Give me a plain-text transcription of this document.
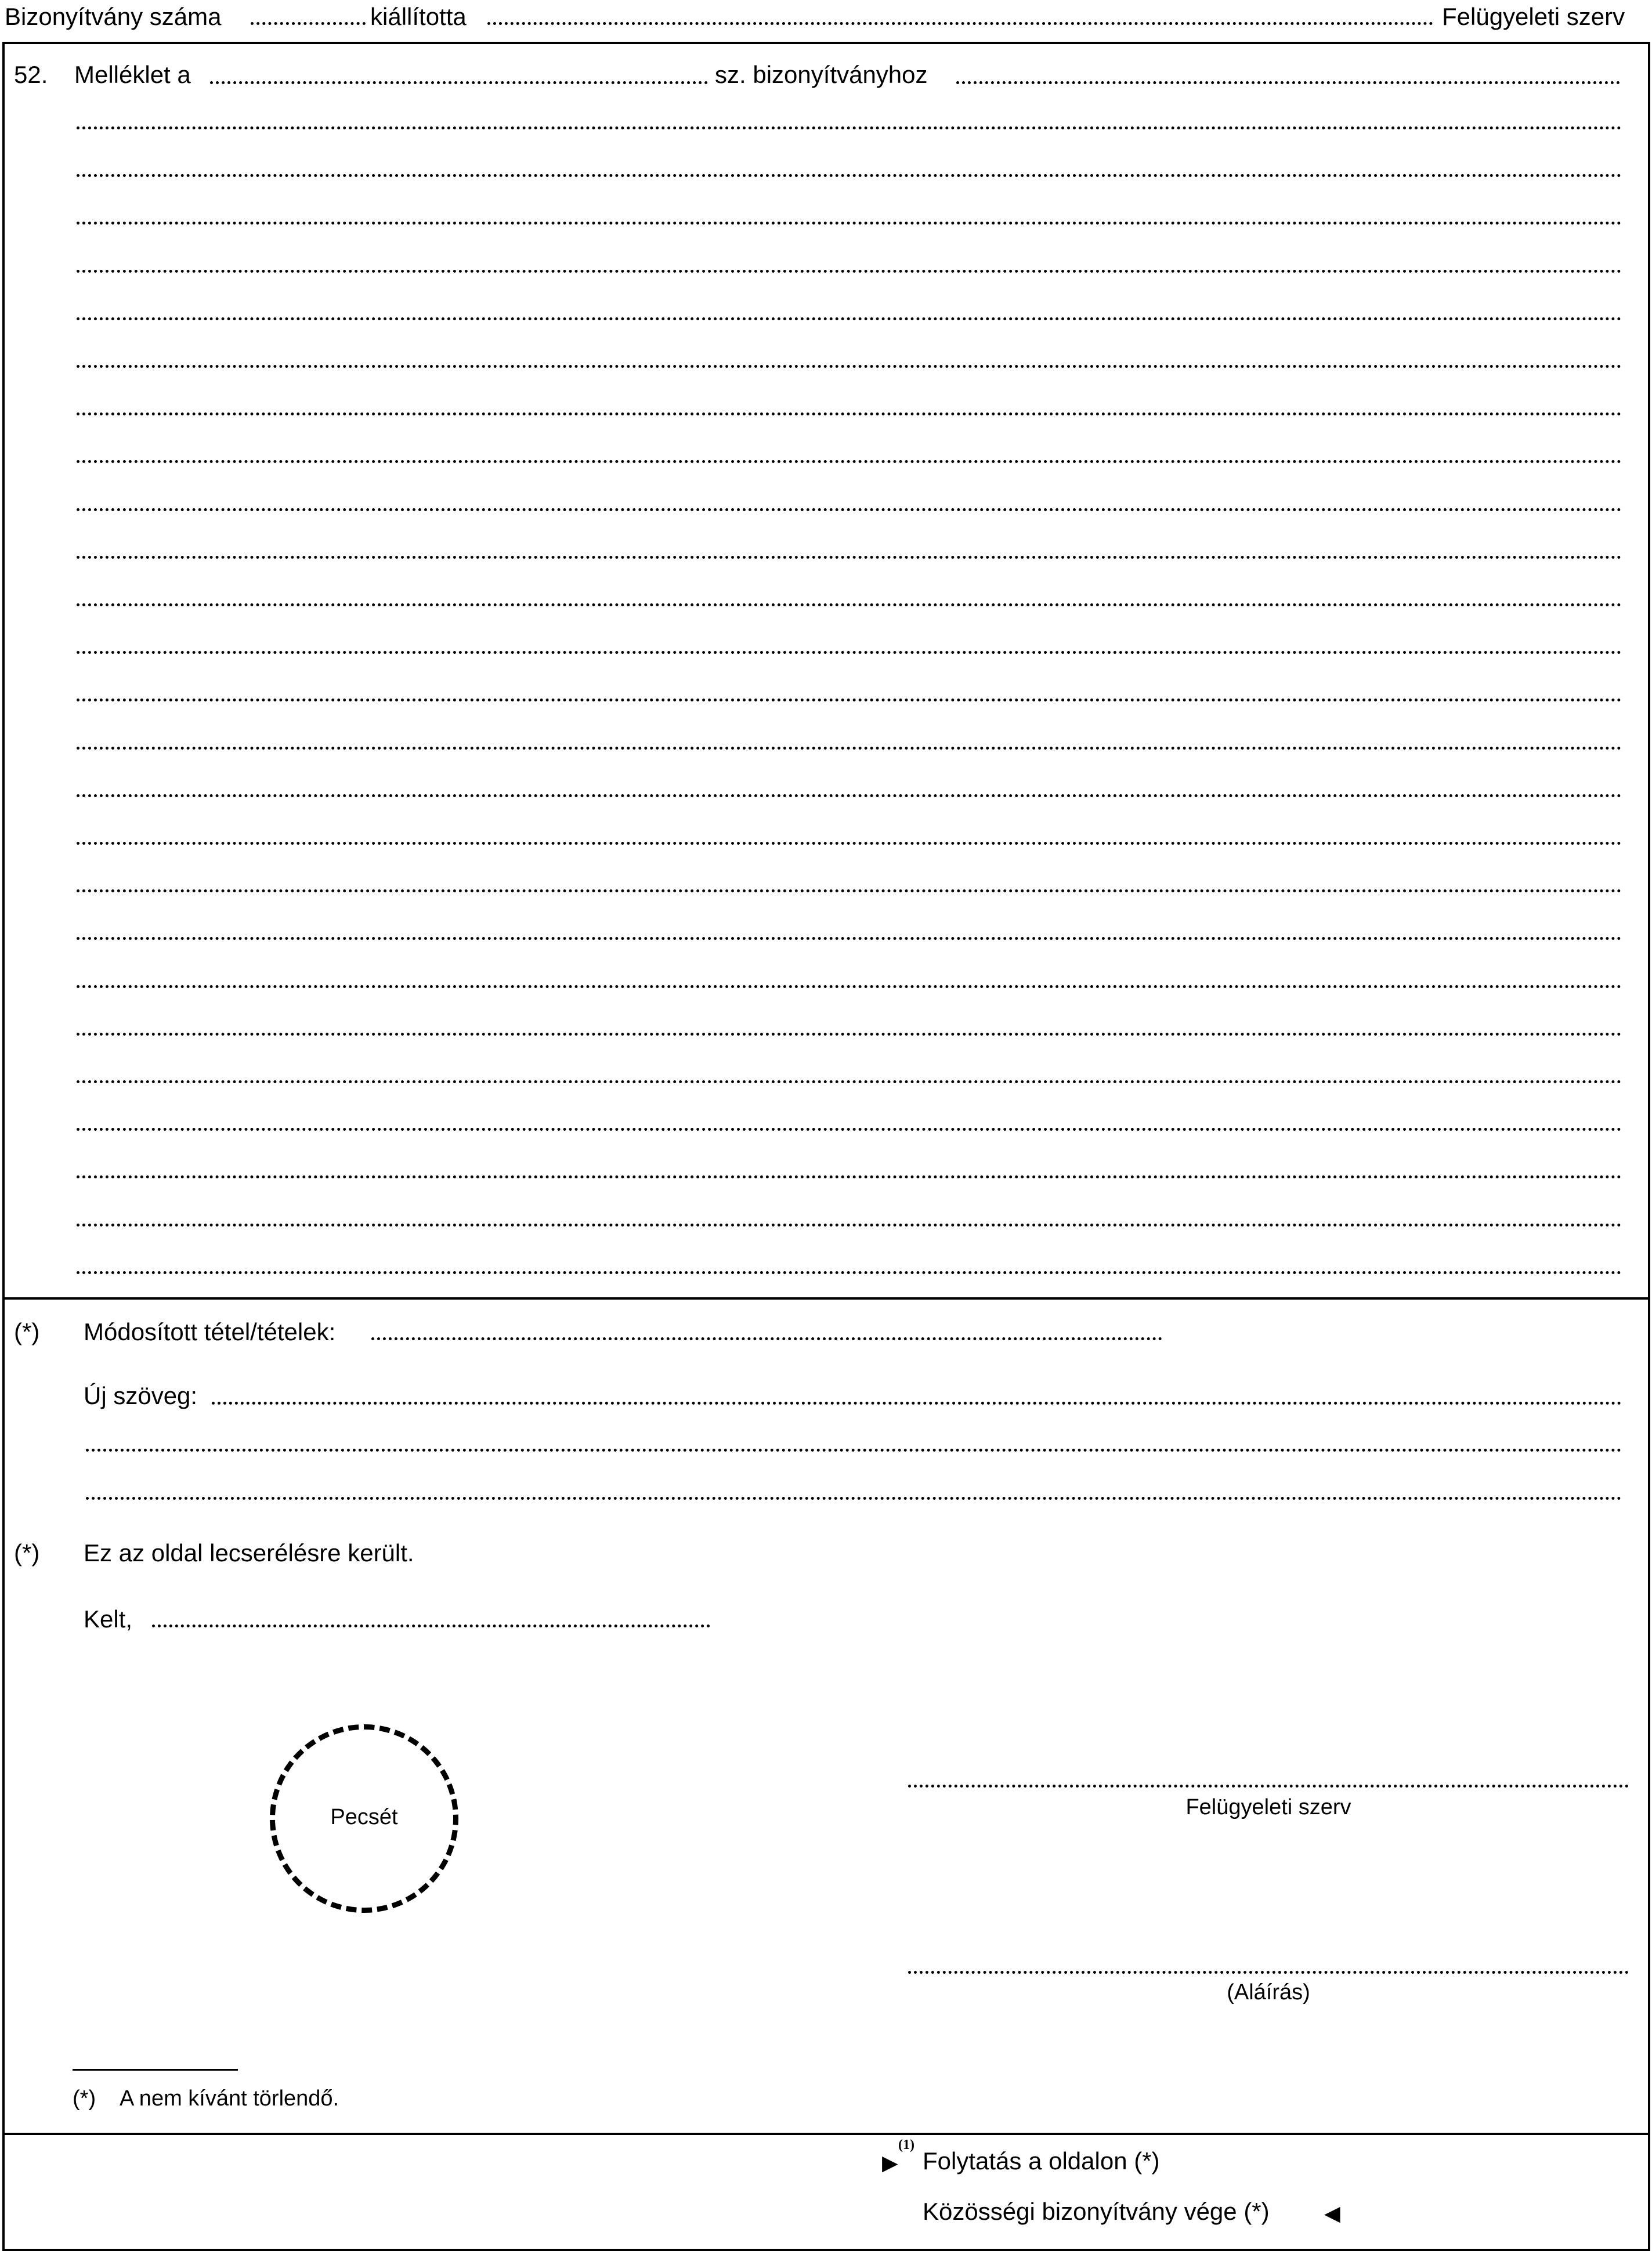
Bizonyítvány száma	kiállította	Felügyeleti szerv
52. Melléklet a	sz. bizonyítványhoz
(*) Módosított tétel/tételek:
Új szöveg:
(*) Ez az oldal lecserélésre került.
Kelt,
Pecsét	Felügyeleti szerv
(Aláírás)
(*) A nem kívánt törlendő.
▶
(1)
Folytatás a oldalon (*)
Közösségi bizonyítvány vége (*)	◀
